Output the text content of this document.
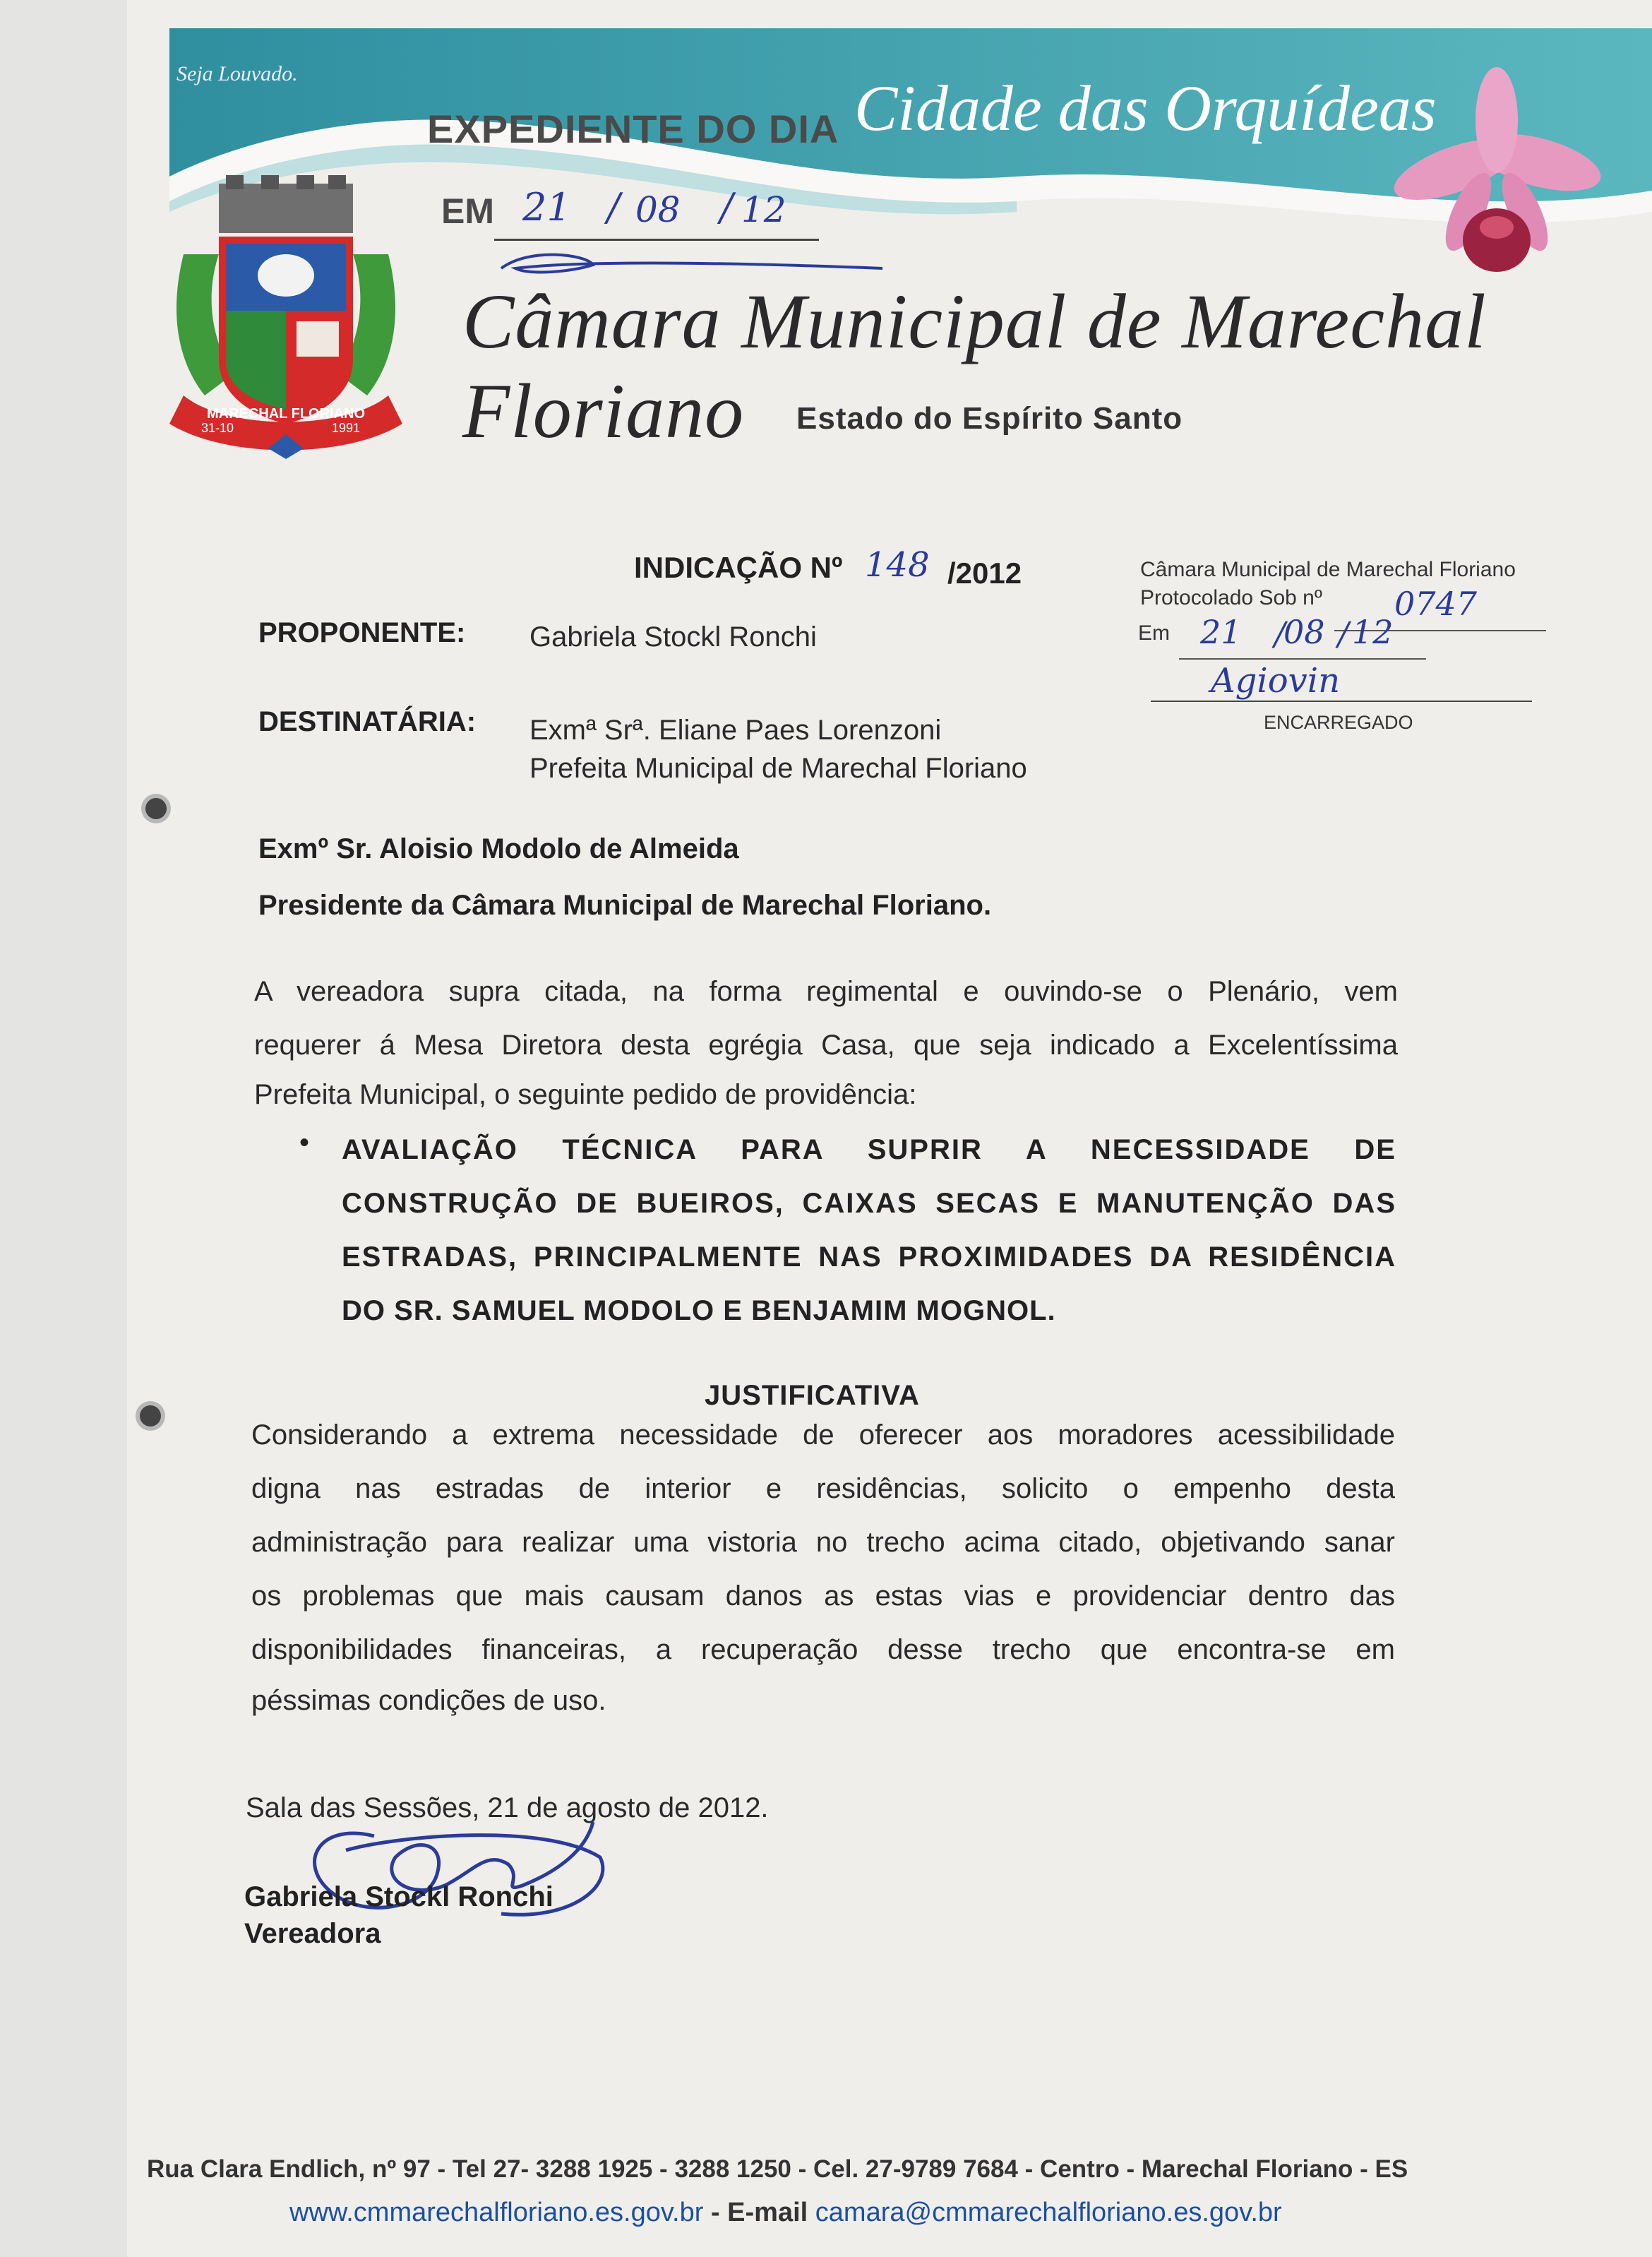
Seja Louvado.
MARECHAL FLORIANO
31-10	1991
EXPEDIENTE DO DIA
EM 21 / 08 / 12
Cidade das Orquídeas
Câmara Municipal de Marechal Floriano	Estado do Espírito Santo
Câmara Municipal de Marechal Floriano
Protocolado Sob nº 0747
Em 21 /
08 / 12
Agiovin
ENCARREGADO
INDICAÇÃO Nº 148 /2012
PROPONENTE: Gabriela Stockl Ronchi
DESTINATÁRIA: Exmª Srª. Eliane Paes Lorenzoni
Prefeita Municipal de Marechal Floriano
Exmº Sr. Aloisio Modolo de Almeida
Presidente da Câmara Municipal de Marechal Floriano.
A vereadora supra citada, na forma regimental e ouvindo-se o Plenário, vem
requerer á Mesa Diretora desta egrégia Casa, que seja indicado a Excelentíssima
Prefeita Municipal, o seguinte pedido de providência:
• AVALIAÇÃO TÉCNICA PARA SUPRIR A NECESSIDADE DE
CONSTRUÇÃO DE BUEIROS, CAIXAS SECAS E MANUTENÇÃO DAS
ESTRADAS, PRINCIPALMENTE NAS PROXIMIDADES DA RESIDÊNCIA
DO SR. SAMUEL MODOLO E BENJAMIM MOGNOL.
JUSTIFICATIVA
Considerando a extrema necessidade de oferecer aos moradores acessibilidade
digna nas estradas de interior e residências, solicito o empenho desta
administração para realizar uma vistoria no trecho acima citado, objetivando sanar
os problemas que mais causam danos as estas vias e providenciar dentro das
disponibilidades financeiras, a recuperação desse trecho que encontra-se em
péssimas condições de uso.
Sala das Sessões, 21 de agosto de 2012.
Gabriela Stockl Ronchi
Vereadora
Rua Clara Endlich, nº 97 - Tel 27- 3288 1925 - 3288 1250 - Cel. 27-9789 7684 - Centro - Marechal Floriano - ES
www.cmmarechalfloriano.es.gov.br - E-mail camara@cmmarechalfloriano.es.gov.br
